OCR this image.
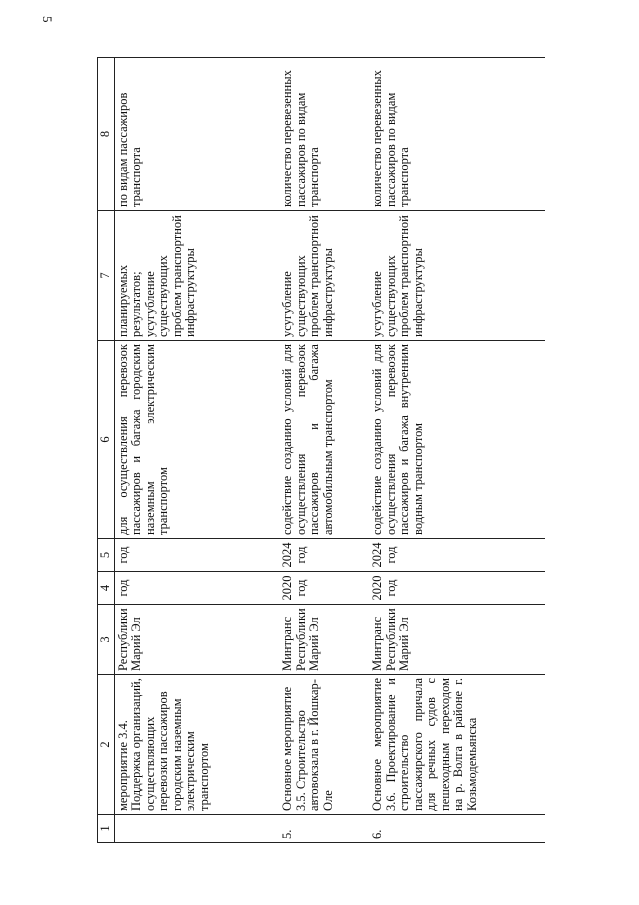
5
1	2	3	4	5	6	7	8
	мероприятие 3.4. Поддержка организаций, осуществляющих перевозки пассажиров городским наземным электрическим транспортом	Республики Марий Эл	год	год	для осуществления перевозок пассажиров и багажа городским наземным электрическим транспортом	планируемых результатов; усугубление существующих проблем транспортной инфраструктуры	по видам пассажиров транспорта
5.	Основное мероприятие 3.5. Строительство автовокзала в г. Йошкар-Оле	Минтранс Республики Марий Эл	2020 год	2024 год	содействие созданию условий для осуществления перевозок пассажиров и багажа автомобильным транспортом	усугубление существующих проблем транспортной инфраструктуры	количество перевезенных пассажиров по видам транспорта
6.	Основное мероприятие 3.6. Проектирование и строительство пассажирского причала для речных судов с пешеходным переходом на р. Волга в районе г. Козьмодемьянска	Минтранс Республики Марий Эл	2020 год	2024 год	содействие созданию условий для осуществления перевозок пассажиров и багажа внутренним водным транспортом	усугубление существующих проблем транспортной инфраструктуры	количество перевезенных пассажиров по видам транспорта
